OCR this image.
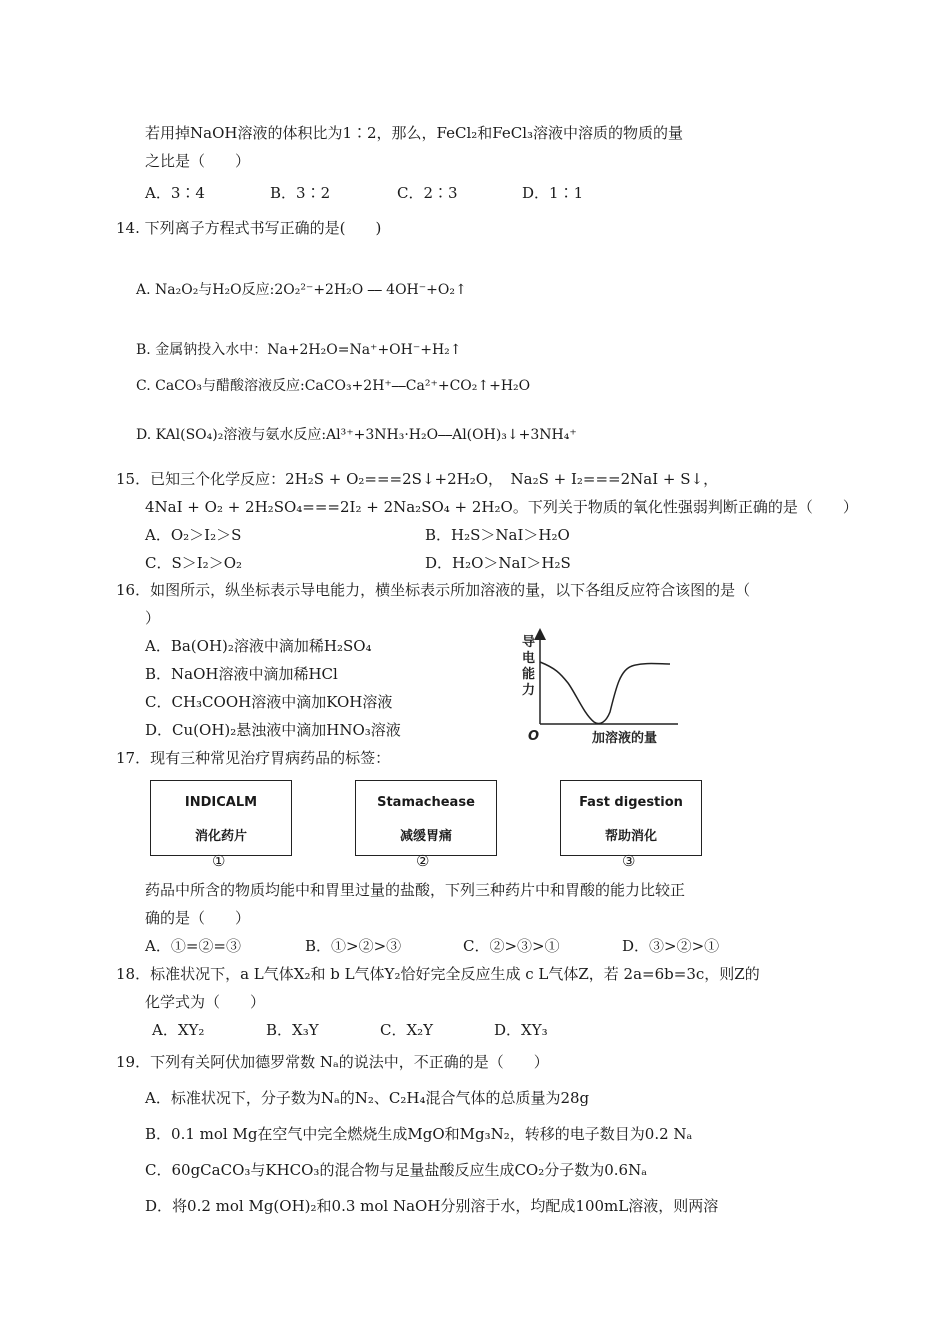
若用掉NaOH溶液的体积比为1∶2，那么，FeCl₂和FeCl₃溶液中溶质的物质的量
之比是（　　）
A．3∶4	B．3∶2	C．2∶3	D．1∶1
14. 下列离子方程式书写正确的是(　　)
A. Na₂O₂与H₂O反应:2O₂²⁻+2H₂O ⎯⎯ 4OH⁻+O₂↑
B. 金属钠投入水中：Na+2H₂O=Na⁺+OH⁻+H₂↑
C. CaCO₃与醋酸溶液反应:CaCO₃+2H⁺⎯⎯Ca²⁺+CO₂↑+H₂O
D. KAl(SO₄)₂溶液与氨水反应:Al³⁺+3NH₃·H₂O⎯⎯Al(OH)₃↓+3NH₄⁺
15．已知三个化学反应：2H₂S + O₂===2S↓+2H₂O，　Na₂S + I₂===2NaI + S↓，
4NaI + O₂ + 2H₂SO₄===2I₂ + 2Na₂SO₄ + 2H₂O。下列关于物质的氧化性强弱判断正确的是（　　）
A．O₂＞I₂＞S	B．H₂S＞NaI＞H₂O
C．S＞I₂＞O₂	D．H₂O＞NaI＞H₂S
16．如图所示，纵坐标表示导电能力，横坐标表示所加溶液的量，以下各组反应符合该图的是（
）
A．Ba(OH)₂溶液中滴加稀H₂SO₄
B．NaOH溶液中滴加稀HCl
C．CH₃COOH溶液中滴加KOH溶液
D．Cu(OH)₂悬浊液中滴加HNO₃溶液
导
电
能
力
O	加溶液的量
17．现有三种常见治疗胃病药品的标签：
INDICALM
消化药片
①
Stamachease
减缓胃痛
②
Fast digestion
帮助消化
③
药品中所含的物质均能中和胃里过量的盐酸，下列三种药片中和胃酸的能力比较正
确的是（　　）
A．①=②=③	B．①>②>③	C．②>③>①	D．③>②>①
18．标准状况下，a L气体X₂和 b L气体Y₂恰好完全反应生成 c L气体Z，若 2a=6b=3c，则Z的
化学式为（　　）
A．XY₂	B．X₃Y	C．X₂Y	D．XY₃
19．下列有关阿伏加德罗常数 Nₐ的说法中，不正确的是（　　）
A．标准状况下，分子数为Nₐ的N₂、C₂H₄混合气体的总质量为28g
B．0.1 mol Mg在空气中完全燃烧生成MgO和Mg₃N₂，转移的电子数目为0.2 Nₐ
C．60gCaCO₃与KHCO₃的混合物与足量盐酸反应生成CO₂分子数为0.6Nₐ
D．将0.2 mol Mg(OH)₂和0.3 mol NaOH分别溶于水，均配成100mL溶液，则两溶
